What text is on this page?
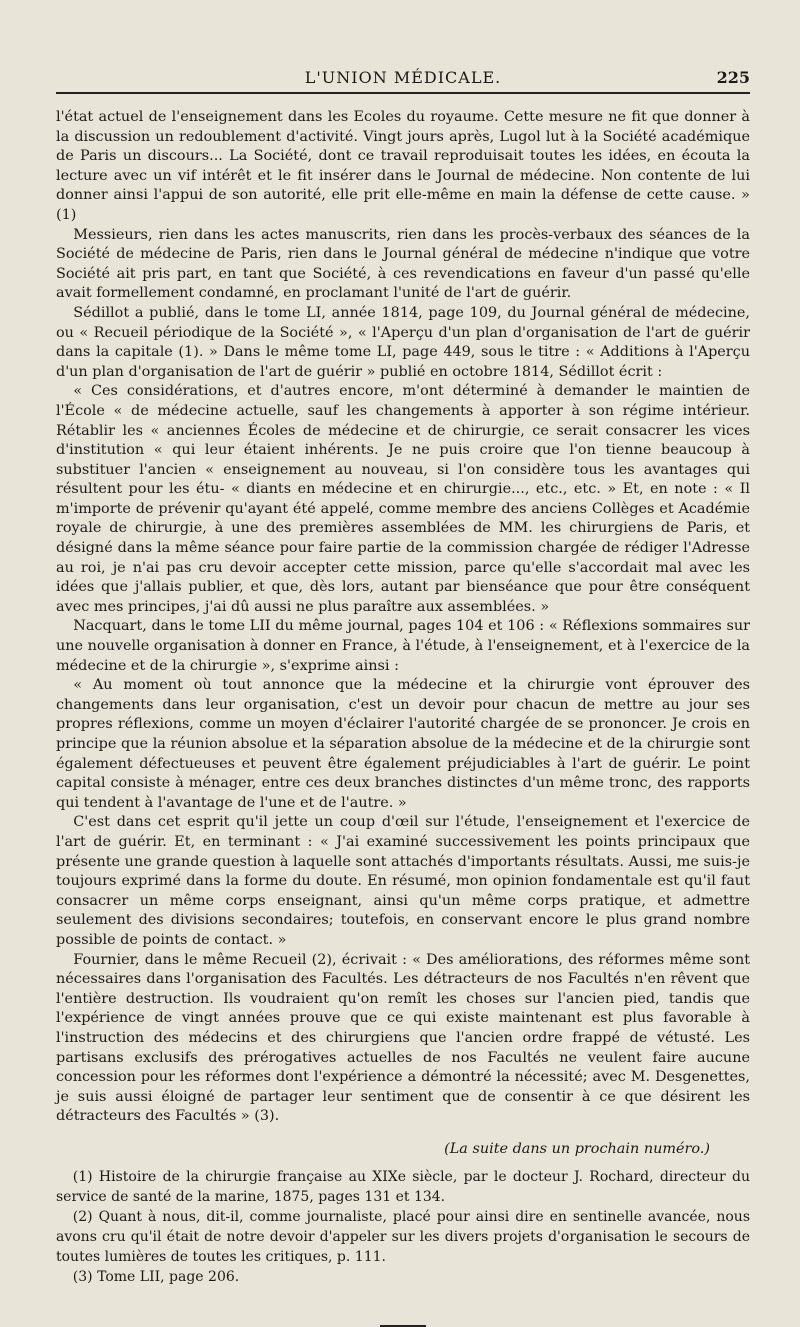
L'UNION MÉDICALE.	225

l'état actuel de l'enseignement dans les Ecoles du royaume. Cette mesure ne fit que donner à la discussion un redoublement d'activité. Vingt jours après, Lugol lut à la Société académique de Paris un discours... La Société, dont ce travail reproduisait toutes les idées, en écouta la lecture avec un vif intérêt et le fit insérer dans le Journal de médecine. Non contente de lui donner ainsi l'appui de son autorité, elle prit elle-même en main la défense de cette cause. » (1)

Messieurs, rien dans les actes manuscrits, rien dans les procès-verbaux des séances de la Société de médecine de Paris, rien dans le Journal général de médecine n'indique que votre Société ait pris part, en tant que Société, à ces revendications en faveur d'un passé qu'elle avait formellement condamné, en proclamant l'unité de l'art de guérir.

Sédillot a publié, dans le tome LI, année 1814, page 109, du Journal général de médecine, ou « Recueil périodique de la Société », « l'Aperçu d'un plan d'organisation de l'art de guérir dans la capitale (1). » Dans le même tome LI, page 449, sous le titre : « Additions à l'Aperçu d'un plan d'organisation de l'art de guérir » publié en octobre 1814, Sédillot écrit :

« Ces considérations, et d'autres encore, m'ont déterminé à demander le maintien de l'École « de médecine actuelle, sauf les changements à apporter à son régime intérieur. Rétablir les « anciennes Écoles de médecine et de chirurgie, ce serait consacrer les vices d'institution « qui leur étaient inhérents. Je ne puis croire que l'on tienne beaucoup à substituer l'ancien « enseignement au nouveau, si l'on considère tous les avantages qui résultent pour les étu- « diants en médecine et en chirurgie..., etc., etc. » Et, en note : « Il m'importe de prévenir qu'ayant été appelé, comme membre des anciens Collèges et Académie royale de chirurgie, à une des premières assemblées de MM. les chirurgiens de Paris, et désigné dans la même séance pour faire partie de la commission chargée de rédiger l'Adresse au roi, je n'ai pas cru devoir accepter cette mission, parce qu'elle s'accordait mal avec les idées que j'allais publier, et que, dès lors, autant par bienséance que pour être conséquent avec mes principes, j'ai dû aussi ne plus paraître aux assemblées. »

Nacquart, dans le tome LII du même journal, pages 104 et 106 : « Réflexions sommaires sur une nouvelle organisation à donner en France, à l'étude, à l'enseignement, et à l'exercice de la médecine et de la chirurgie », s'exprime ainsi :

« Au moment où tout annonce que la médecine et la chirurgie vont éprouver des changements dans leur organisation, c'est un devoir pour chacun de mettre au jour ses propres réflexions, comme un moyen d'éclairer l'autorité chargée de se prononcer. Je crois en principe que la réunion absolue et la séparation absolue de la médecine et de la chirurgie sont également défectueuses et peuvent être également préjudiciables à l'art de guérir. Le point capital consiste à ménager, entre ces deux branches distinctes d'un même tronc, des rapports qui tendent à l'avantage de l'une et de l'autre. »

C'est dans cet esprit qu'il jette un coup d'œil sur l'étude, l'enseignement et l'exercice de l'art de guérir. Et, en terminant : « J'ai examiné successivement les points principaux que présente une grande question à laquelle sont attachés d'importants résultats. Aussi, me suis-je toujours exprimé dans la forme du doute. En résumé, mon opinion fondamentale est qu'il faut consacrer un même corps enseignant, ainsi qu'un même corps pratique, et admettre seulement des divisions secondaires; toutefois, en conservant encore le plus grand nombre possible de points de contact. »

Fournier, dans le même Recueil (2), écrivait : « Des améliorations, des réformes même sont nécessaires dans l'organisation des Facultés. Les détracteurs de nos Facultés n'en rêvent que l'entière destruction. Ils voudraient qu'on remît les choses sur l'ancien pied, tandis que l'expérience de vingt années prouve que ce qui existe maintenant est plus favorable à l'instruction des médecins et des chirurgiens que l'ancien ordre frappé de vétusté. Les partisans exclusifs des prérogatives actuelles de nos Facultés ne veulent faire aucune concession pour les réformes dont l'expérience a démontré la nécessité; avec M. Desgenettes, je suis aussi éloigné de partager leur sentiment que de consentir à ce que désirent les détracteurs des Facultés » (3).

(La suite dans un prochain numéro.)

(1) Histoire de la chirurgie française au XIXe siècle, par le docteur J. Rochard, directeur du service de santé de la marine, 1875, pages 131 et 134.

(2) Quant à nous, dit-il, comme journaliste, placé pour ainsi dire en sentinelle avancée, nous avons cru qu'il était de notre devoir d'appeler sur les divers projets d'organisation le secours de toutes lumières de toutes les critiques, p. 111.

(3) Tome LII, page 206.
